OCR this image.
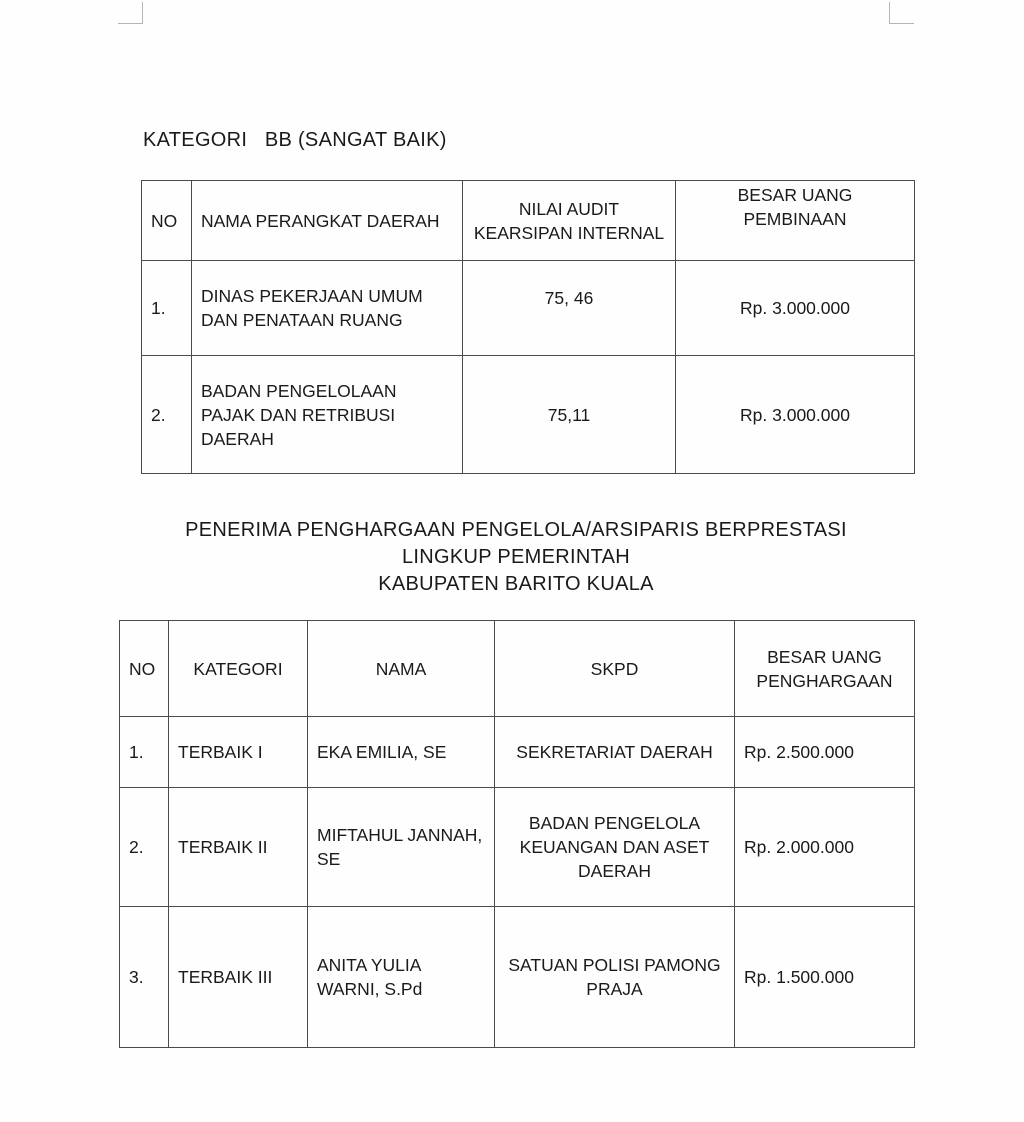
KATEGORI   BB (SANGAT BAIK)
NO	NAMA PERANGKAT DAERAH	NILAI AUDIT KEARSIPAN INTERNAL	BESAR UANG PEMBINAAN
1.	DINAS PEKERJAAN UMUM DAN PENATAAN RUANG	75, 46	Rp. 3.000.000
2.	BADAN PENGELOLAAN PAJAK DAN RETRIBUSI DAERAH	75,11	Rp. 3.000.000
PENERIMA PENGHARGAAN PENGELOLA/ARSIPARIS BERPRESTASI
LINGKUP PEMERINTAH
KABUPATEN BARITO KUALA
NO	KATEGORI	NAMA	SKPD	BESAR UANG PENGHARGAAN
1.	TERBAIK I	EKA EMILIA, SE	SEKRETARIAT DAERAH	Rp. 2.500.000
2.	TERBAIK II	MIFTAHUL JANNAH, SE	BADAN PENGELOLA KEUANGAN DAN ASET DAERAH	Rp. 2.000.000
3.	TERBAIK III	ANITA YULIA WARNI, S.Pd	SATUAN POLISI PAMONG PRAJA	Rp. 1.500.000
